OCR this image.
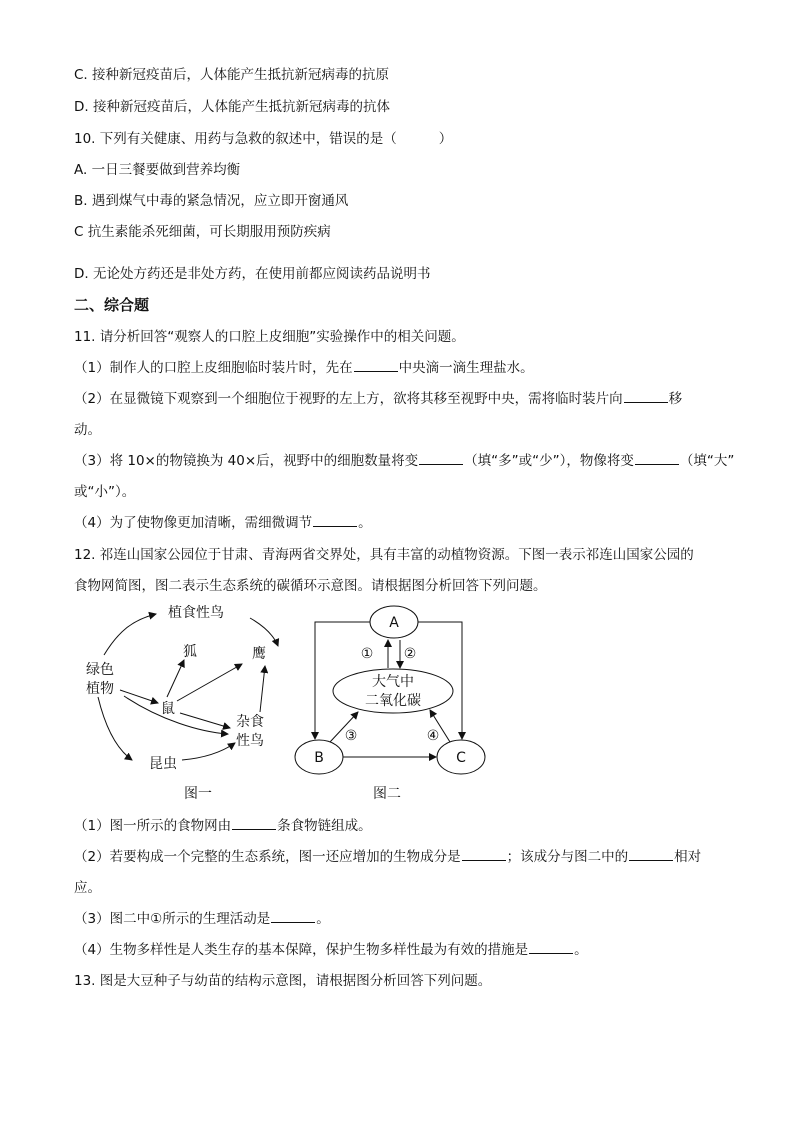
C. 接种新冠疫苗后，人体能产生抵抗新冠病毒的抗原
D. 接种新冠疫苗后，人体能产生抵抗新冠病毒的抗体
10. 下列有关健康、用药与急救的叙述中，错误的是（	）
A. 一日三餐要做到营养均衡
B. 遇到煤气中毒的紧急情况，应立即开窗通风
C 抗生素能杀死细菌，可长期服用预防疾病
D. 无论处方药还是非处方药，在使用前都应阅读药品说明书
二、综合题
11. 请分析回答“观察人的口腔上皮细胞”实验操作中的相关问题。
（1）制作人的口腔上皮细胞临时装片时，先在	中央滴一滴生理盐水。
（2）在显微镜下观察到一个细胞位于视野的左上方，欲将其移至视野中央，需将临时装片向	移
动。
（3）将 10×的物镜换为 40×后，视野中的细胞数量将变	（填“多”或“少”），物像将变	（填“大”
或“小”）。
（4）为了使物像更加清晰，需细微调节	。
12. 祁连山国家公园位于甘肃、青海两省交界处，具有丰富的动植物资源。下图一表示祁连山国家公园的
食物网简图，图二表示生态系统的碳循环示意图。请根据图分析回答下列问题。
绿色
植物
植食性鸟
狐	鹰
鼠
杂食
性鸟
昆虫
图一
A
大气中
二氧化碳
B	C
① ②
③	④
图二
（1）图一所示的食物网由	条食物链组成。
（2）若要构成一个完整的生态系统，图一还应增加的生物成分是	；该成分与图二中的	相对
应。
（3）图二中①所示的生理活动是	。
（4）生物多样性是人类生存的基本保障，保护生物多样性最为有效的措施是	。
13. 图是大豆种子与幼苗的结构示意图，请根据图分析回答下列问题。
